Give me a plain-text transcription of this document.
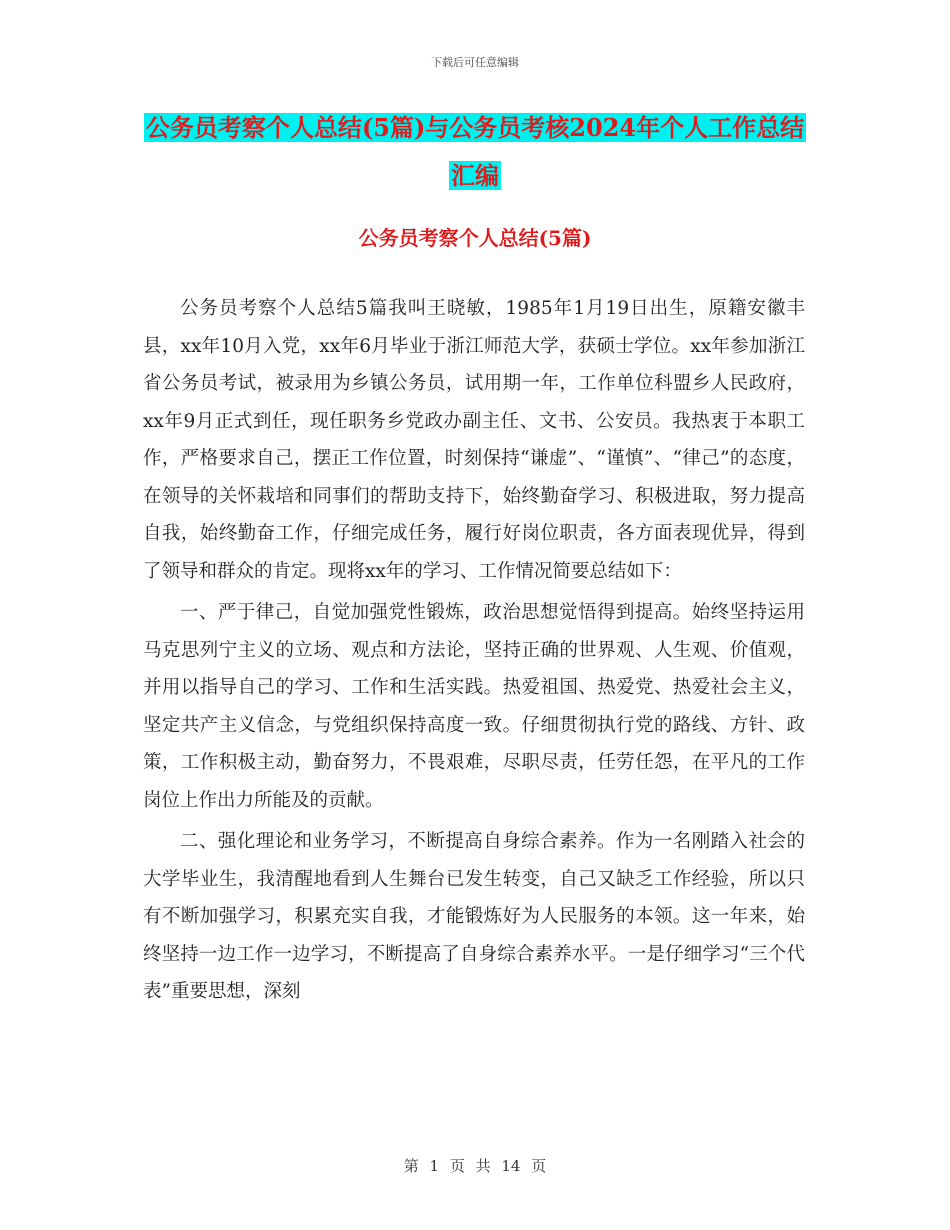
下载后可任意编辑
公务员考察个人总结(5篇)与公务员考核2024年个人工作总结汇编
公务员考察个人总结(5篇)

公务员考察个人总结5篇我叫王晓敏，1985年1月19日出生，原籍安徽丰县，xx年10月入党，xx年6月毕业于浙江师范大学，获硕士学位。xx年参加浙江省公务员考试，被录用为乡镇公务员，试用期一年，工作单位科盟乡人民政府，xx年9月正式到任，现任职务乡党政办副主任、文书、公安员。我热衷于本职工作，严格要求自己，摆正工作位置，时刻保持“谦虚”、“谨慎”、“律己”的态度，在领导的关怀栽培和同事们的帮助支持下，始终勤奋学习、积极进取，努力提高自我，始终勤奋工作，仔细完成任务，履行好岗位职责，各方面表现优异，得到了领导和群众的肯定。现将xx年的学习、工作情况简要总结如下：

一、严于律己，自觉加强党性锻炼，政治思想觉悟得到提高。始终坚持运用马克思列宁主义的立场、观点和方法论，坚持正确的世界观、人生观、价值观，并用以指导自己的学习、工作和生活实践。热爱祖国、热爱党、热爱社会主义，坚定共产主义信念，与党组织保持高度一致。仔细贯彻执行党的路线、方针、政策，工作积极主动，勤奋努力，不畏艰难，尽职尽责，任劳任怨，在平凡的工作岗位上作出力所能及的贡献。

二、强化理论和业务学习，不断提高自身综合素养。作为一名刚踏入社会的大学毕业生，我清醒地看到人生舞台已发生转变，自己又缺乏工作经验，所以只有不断加强学习，积累充实自我，才能锻炼好为人民服务的本领。这一年来，始终坚持一边工作一边学习，不断提高了自身综合素养水平。一是仔细学习“三个代表”重要思想，深刻

第 1 页 共 14 页
